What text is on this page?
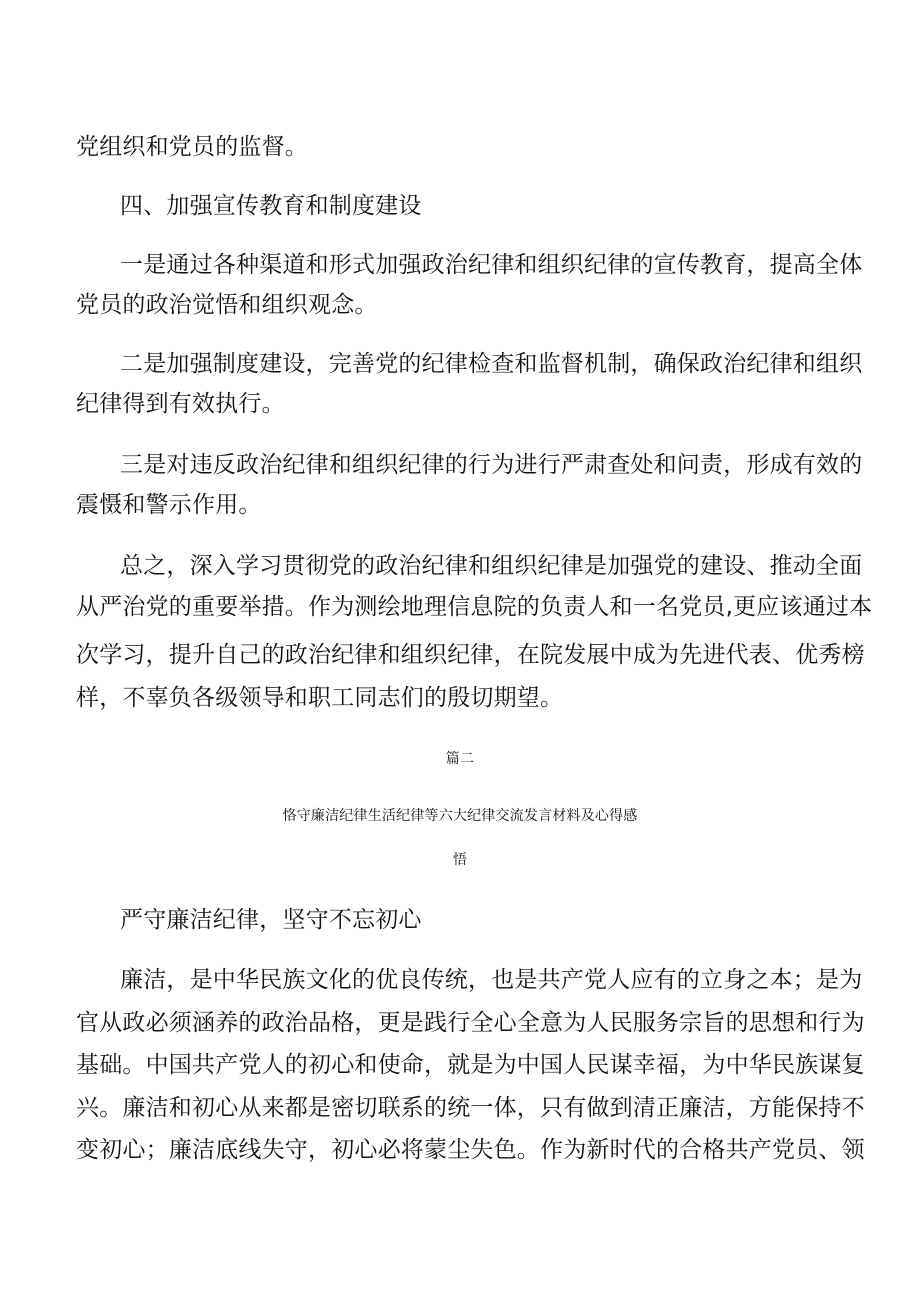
党组织和党员的监督。
四、加强宣传教育和制度建设
一是通过各种渠道和形式加强政治纪律和组织纪律的宣传教育，提高全体
党员的政治觉悟和组织观念。
二是加强制度建设，完善党的纪律检查和监督机制，确保政治纪律和组织
纪律得到有效执行。
三是对违反政治纪律和组织纪律的行为进行严肃查处和问责，形成有效的
震慑和警示作用。
总之，深入学习贯彻党的政治纪律和组织纪律是加强党的建设、推动全面
从严治党的重要举措。作为测绘地理信息院的负责人和一名党员,更应该通过本
次学习，提升自己的政治纪律和组织纪律，在院发展中成为先进代表、优秀榜
样，不辜负各级领导和职工同志们的殷切期望。
篇二
恪守廉洁纪律生活纪律等六大纪律交流发言材料及心得感
悟
严守廉洁纪律，坚守不忘初心
廉洁，是中华民族文化的优良传统，也是共产党人应有的立身之本；是为
官从政必须涵养的政治品格，更是践行全心全意为人民服务宗旨的思想和行为
基础。中国共产党人的初心和使命，就是为中国人民谋幸福，为中华民族谋复
兴。廉洁和初心从来都是密切联系的统一体，只有做到清正廉洁，方能保持不
变初心；廉洁底线失守，初心必将蒙尘失色。作为新时代的合格共产党员、领
